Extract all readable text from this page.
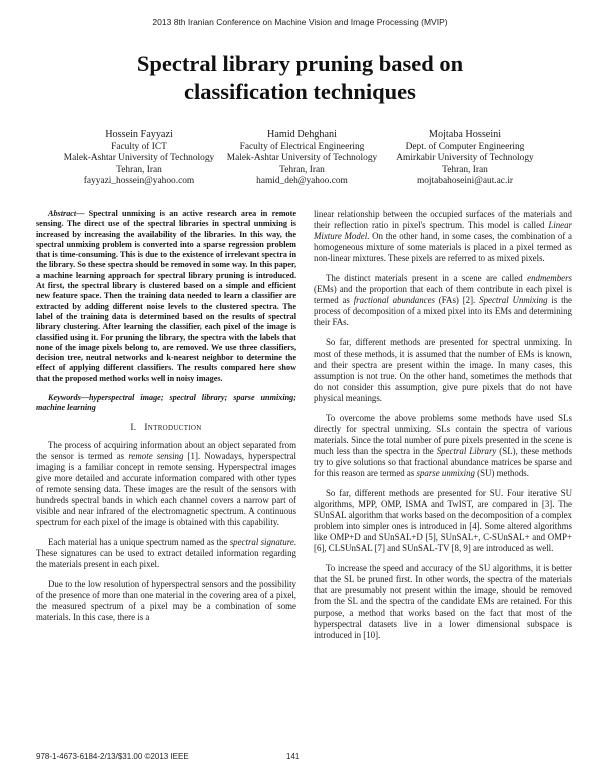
2013 8th Iranian Conference on Machine Vision and Image Processing (MVIP)
Spectral library pruning based on
classification techniques
Hossein Fayyazi
Faculty of ICT
Malek-Ashtar University of Technology
Tehran, Iran
fayyazi_hossein@yahoo.com
Hamid Dehghani
Faculty of Electrical Engineering
Malek-Ashtar University of Technology
Tehran, Iran
hamid_deh@yahoo.com
Mojtaba Hosseini
Dept. of Computer Engineering
Amirkabir University of Technology
Tehran, Iran
mojtabahoseini@aut.ac.ir

Abstract— Spectral unmixing is an active research area in remote sensing. The direct use of the spectral libraries in spectral unmixing is increased by increasing the availability of the libraries. In this way, the spectral unmixing problem is converted into a sparse regression problem that is time-consuming. This is due to the existence of irrelevant spectra in the library. So these spectra should be removed in some way. In this paper, a machine learning approach for spectral library pruning is introduced. At first, the spectral library is clustered based on a simple and efficient new feature space. Then the training data needed to learn a classifier are extracted by adding different noise levels to the clustered spectra. The label of the training data is determined based on the results of spectral library clustering. After learning the classifier, each pixel of the image is classified using it. For pruning the library, the spectra with the labels that none of the image pixels belong to, are removed. We use three classifiers, decision tree, neutral networks and k-nearest neighbor to determine the effect of applying different classifiers. The results compared here show that the proposed method works well in noisy images.

Keywords—hyperspectral image; spectral library; sparse unmixing; machine learning

I. Introduction

The process of acquiring information about an object separated from the sensor is termed as remote sensing [1]. Nowadays, hyperspectral imaging is a familiar concept in remote sensing. Hyperspectral images give more detailed and accurate information compared with other types of remote sensing data. These images are the result of the sensors with hundreds spectral bands in which each channel covers a narrow part of visible and near infrared of the electromagnetic spectrum. A continuous spectrum for each pixel of the image is obtained with this capability.

Each material has a unique spectrum named as the spectral signature. These signatures can be used to extract detailed information regarding the materials present in each pixel.

Due to the low resolution of hyperspectral sensors and the possibility of the presence of more than one material in the covering area of a pixel, the measured spectrum of a pixel may be a combination of some materials. In this case, there is a

linear relationship between the occupied surfaces of the materials and their reflection ratio in pixel's spectrum. This model is called Linear Mixture Model. On the other hand, in some cases, the combination of a homogeneous mixture of some materials is placed in a pixel termed as non-linear mixtures. These pixels are referred to as mixed pixels.

The distinct materials present in a scene are called endmembers (EMs) and the proportion that each of them contribute in each pixel is termed as fractional abundances (FAs) [2]. Spectral Unmixing is the process of decomposition of a mixed pixel into its EMs and determining their FAs.

So far, different methods are presented for spectral unmixing. In most of these methods, it is assumed that the number of EMs is known, and their spectra are present within the image. In many cases, this assumption is not true. On the other hand, sometimes the methods that do not consider this assumption, give pure pixels that do not have physical meanings.

To overcome the above problems some methods have used SLs directly for spectral unmixing. SLs contain the spectra of various materials. Since the total number of pure pixels presented in the scene is much less than the spectra in the Spectral Library (SL), these methods try to give solutions so that fractional abundance matrices be sparse and for this reason are termed as sparse unmixing (SU) methods.

So far, different methods are presented for SU. Four iterative SU algorithms, MPP, OMP, ISMA and TwIST, are compared in [3]. The SUnSAL algorithm that works based on the decomposition of a complex problem into simpler ones is introduced in [4]. Some altered algorithms like OMP+D and SUnSAL+D [5], SUnSAL+, C-SUnSAL+ and OMP+ [6], CLSUnSAL [7] and SUnSAL-TV [8, 9] are introduced as well.

To increase the speed and accuracy of the SU algorithms, it is better that the SL be pruned first. In other words, the spectra of the materials that are presumably not present within the image, should be removed from the SL and the spectra of the candidate EMs are retained. For this purpose, a method that works based on the fact that most of the hyperspectral datasets live in a lower dimensional subspace is introduced in [10].

978-1-4673-6184-2/13/$31.00 ©2013 IEEE	141
